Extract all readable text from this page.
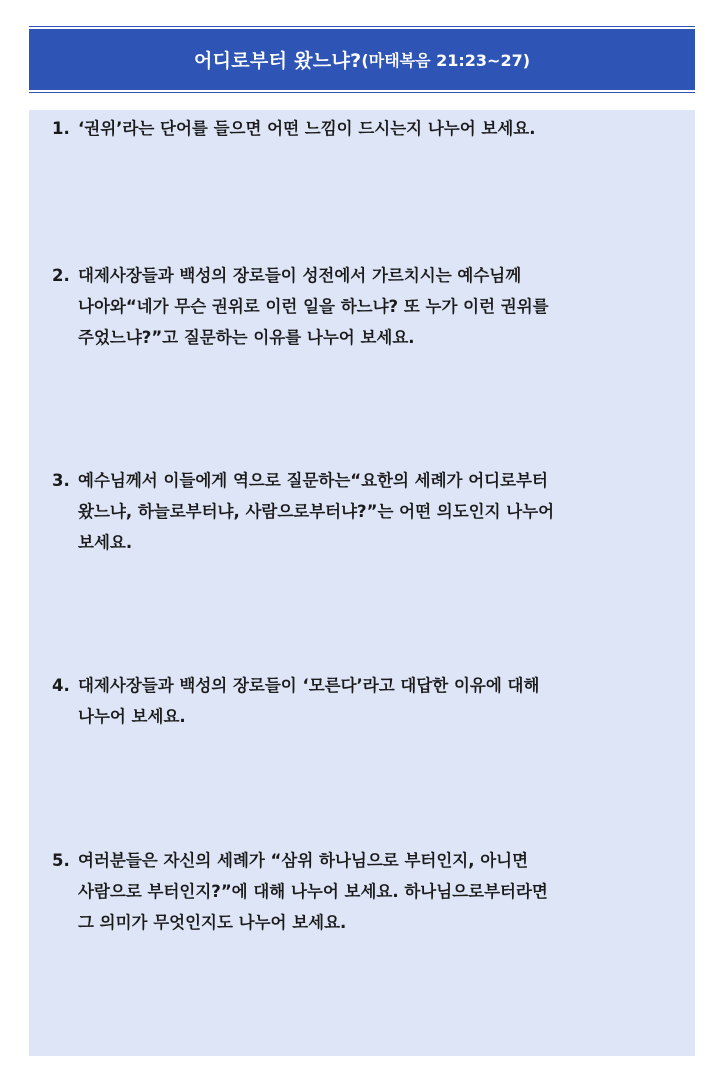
어디로부터 왔느냐? (마태복음 21:23~27)
1. ‘권위’라는 단어를 들으면 어떤 느낌이 드시는지 나누어 보세요.
2. 대제사장들과 백성의 장로들이 성전에서 가르치시는 예수님께
나아와“네가 무슨 권위로 이런 일을 하느냐? 또 누가 이런 권위를
주었느냐?”고 질문하는 이유를 나누어 보세요.
3. 예수님께서 이들에게 역으로 질문하는“요한의 세례가 어디로부터
왔느냐, 하늘로부터냐, 사람으로부터냐?”는 어떤 의도인지 나누어
보세요.
4. 대제사장들과 백성의 장로들이 ‘모른다’라고 대답한 이유에 대해
나누어 보세요.
5. 여러분들은 자신의 세례가 “삼위 하나님으로 부터인지, 아니면
사람으로 부터인지?”에 대해 나누어 보세요. 하나님으로부터라면
그 의미가 무엇인지도 나누어 보세요.
